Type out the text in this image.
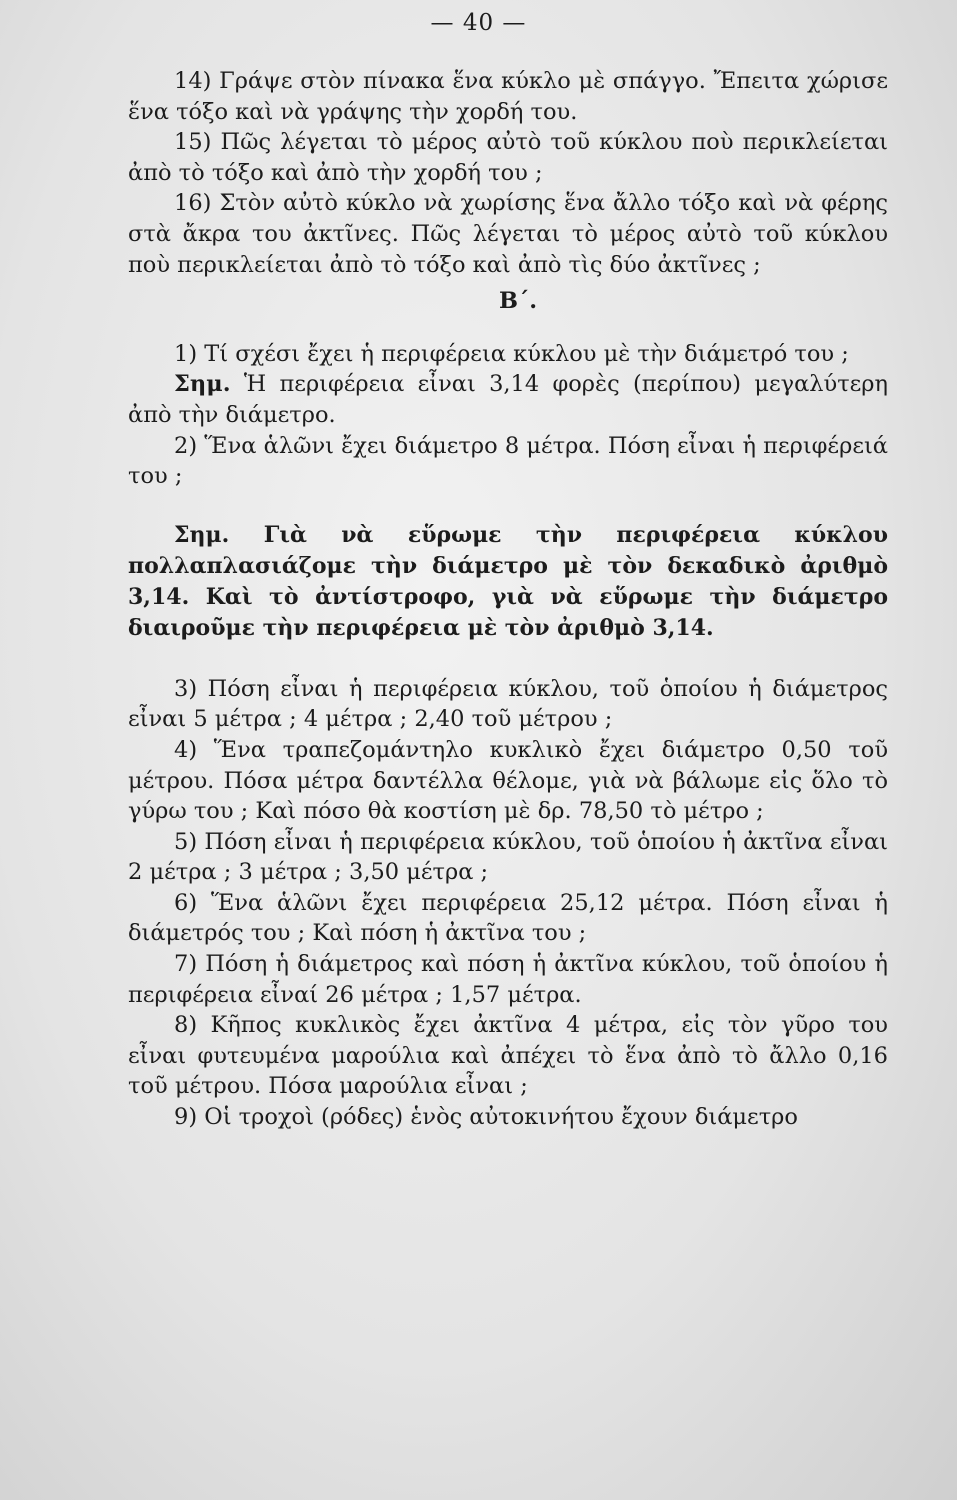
— 40 —

14) Γράψε στὸν πίνακα ἕνα κύκλο μὲ σπάγγο. Ἔπειτα χώρισε ἕνα τόξο καὶ νὰ γράψης τὴν χορδή του.

15) Πῶς λέγεται τὸ μέρος αὐτὸ τοῦ κύκλου ποὺ περικλείεται ἀπὸ τὸ τόξο καὶ ἀπὸ τὴν χορδή του ;

16) Στὸν αὐτὸ κύκλο νὰ χωρίσης ἕνα ἄλλο τόξο καὶ νὰ φέρης στὰ ἄκρα του ἀκτῖνες. Πῶς λέγεται τὸ μέρος αὐτὸ τοῦ κύκλου ποὺ περικλείεται ἀπὸ τὸ τόξο καὶ ἀπὸ τὶς δύο ἀκτῖνες ;

Β΄.

1) Τί σχέσι ἔχει ἡ περιφέρεια κύκλου μὲ τὴν διάμετρό του ;

Σημ. Ἡ περιφέρεια εἶναι 3,14 φορὲς (περίπου) μεγαλύτερη ἀπὸ τὴν διάμετρο.

2) Ἕνα ἁλῶνι ἔχει διάμετρο 8 μέτρα. Πόση εἶναι ἡ περιφέρειά του ;

Σημ. Γιὰ νὰ εὕρωμε τὴν περιφέρεια κύκλου πολλαπλασιάζομε τὴν διάμετρο μὲ τὸν δεκαδικὸ ἀριθμὸ 3,14. Καὶ τὸ ἀντίστροφο, γιὰ νὰ εὕρωμε τὴν διάμετρο διαιροῦμε τὴν περιφέρεια μὲ τὸν ἀριθμὸ 3,14.

3) Πόση εἶναι ἡ περιφέρεια κύκλου, τοῦ ὁποίου ἡ διάμετρος εἶναι 5 μέτρα ; 4 μέτρα ; 2,40 τοῦ μέτρου ;

4) Ἕνα τραπεζομάντηλο κυκλικὸ ἔχει διάμετρο 0,50 τοῦ μέτρου. Πόσα μέτρα δαντέλλα θέλομε, γιὰ νὰ βάλωμε εἰς ὅλο τὸ γύρω του ; Καὶ πόσο θὰ κοστίση μὲ δρ. 78,50 τὸ μέτρο ;

5) Πόση εἶναι ἡ περιφέρεια κύκλου, τοῦ ὁποίου ἡ ἀκτῖνα εἶναι 2 μέτρα ; 3 μέτρα ; 3,50 μέτρα ;

6) Ἕνα ἁλῶνι ἔχει περιφέρεια 25,12 μέτρα. Πόση εἶναι ἡ διάμετρός του ; Καὶ πόση ἡ ἀκτῖνα του ;

7) Πόση ἡ διάμετρος καὶ πόση ἡ ἀκτῖνα κύκλου, τοῦ ὁποίου ἡ περιφέρεια εἶναί 26 μέτρα ; 1,57 μέτρα.

8) Κῆπος κυκλικὸς ἔχει ἀκτῖνα 4 μέτρα, εἰς τὸν γῦρο του εἶναι φυτευμένα μαρούλια καὶ ἀπέχει τὸ ἕνα ἀπὸ τὸ ἄλλο 0,16 τοῦ μέτρου. Πόσα μαρούλια εἶναι ;

9) Οἱ τροχοὶ (ρόδες) ἑνὸς αὐτοκινήτου ἔχουν διάμετρο
